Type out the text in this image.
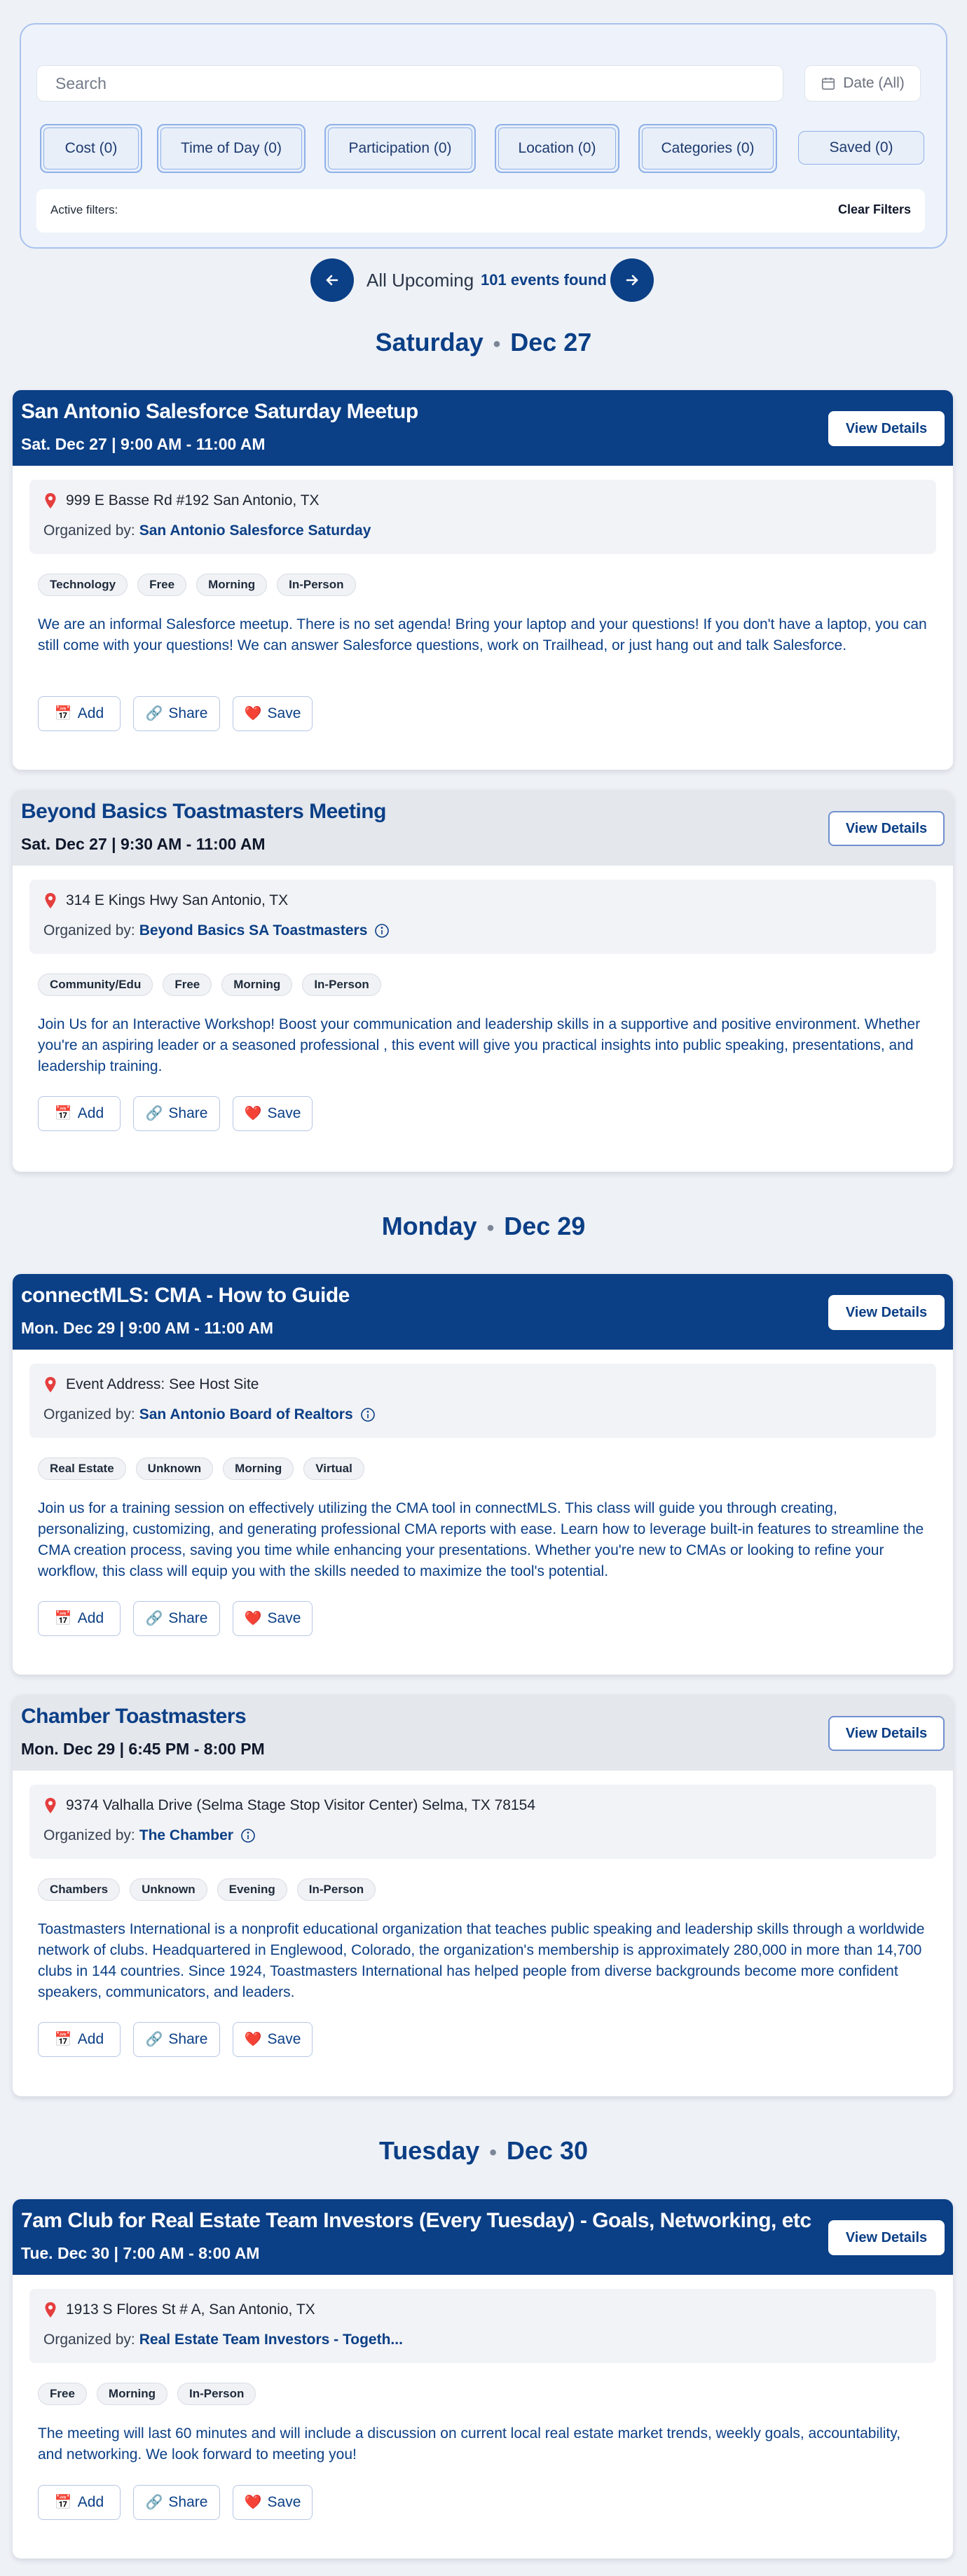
Search
Date (All)
Cost (0)	Time of Day (0)	Participation (0)	Location (0)	Categories (0)	Saved (0)
Active filters:	Clear Filters
All Upcoming 101 events found
Saturday • Dec 27
San Antonio Salesforce Saturday Meetup
Sat. Dec 27 | 9:00 AM - 11:00 AM
View Details
999 E Basse Rd #192 San Antonio, TX
Organized by: San Antonio Salesforce Saturday
Technology	Free	Morning	In-Person
We are an informal Salesforce meetup. There is no set agenda! Bring your laptop and your questions! If you don't have a laptop, you can still come with your questions! We can answer Salesforce questions, work on Trailhead, or just hang out and talk Salesforce.
📅 Add	🔗 Share	❤️ Save
Beyond Basics Toastmasters Meeting
Sat. Dec 27 | 9:30 AM - 11:00 AM
View Details
314 E Kings Hwy San Antonio, TX
Organized by: Beyond Basics SA Toastmasters
Community/Edu	Free	Morning	In-Person
Join Us for an Interactive Workshop! Boost your communication and leadership skills in a supportive and positive environment. Whether you're an aspiring leader or a seasoned professional , this event will give you practical insights into public speaking, presentations, and leadership training.
📅 Add	🔗 Share	❤️ Save
Monday • Dec 29
connectMLS: CMA - How to Guide
Mon. Dec 29 | 9:00 AM - 11:00 AM
View Details
Event Address: See Host Site
Organized by: San Antonio Board of Realtors
Real Estate	Unknown	Morning	Virtual
Join us for a training session on effectively utilizing the CMA tool in connectMLS. This class will guide you through creating, personalizing, customizing, and generating professional CMA reports with ease. Learn how to leverage built-in features to streamline the CMA creation process, saving you time while enhancing your presentations. Whether you're new to CMAs or looking to refine your workflow, this class will equip you with the skills needed to maximize the tool's potential.
📅 Add	🔗 Share	❤️ Save
Chamber Toastmasters
Mon. Dec 29 | 6:45 PM - 8:00 PM
View Details
9374 Valhalla Drive (Selma Stage Stop Visitor Center) Selma, TX 78154
Organized by: The Chamber
Chambers	Unknown	Evening	In-Person
Toastmasters International is a nonprofit educational organization that teaches public speaking and leadership skills through a worldwide network of clubs. Headquartered in Englewood, Colorado, the organization's membership is approximately 280,000 in more than 14,700 clubs in 144 countries. Since 1924, Toastmasters International has helped people from diverse backgrounds become more confident speakers, communicators, and leaders.
📅 Add	🔗 Share	❤️ Save
Tuesday • Dec 30
7am Club for Real Estate Team Investors (Every Tuesday) - Goals, Networking, etc
Tue. Dec 30 | 7:00 AM - 8:00 AM
View Details
1913 S Flores St # A, San Antonio, TX
Organized by: Real Estate Team Investors - Togeth...
Free	Morning	In-Person
The meeting will last 60 minutes and will include a discussion on current local real estate market trends, weekly goals, accountability, and networking. We look forward to meeting you!
📅 Add	🔗 Share	❤️ Save
